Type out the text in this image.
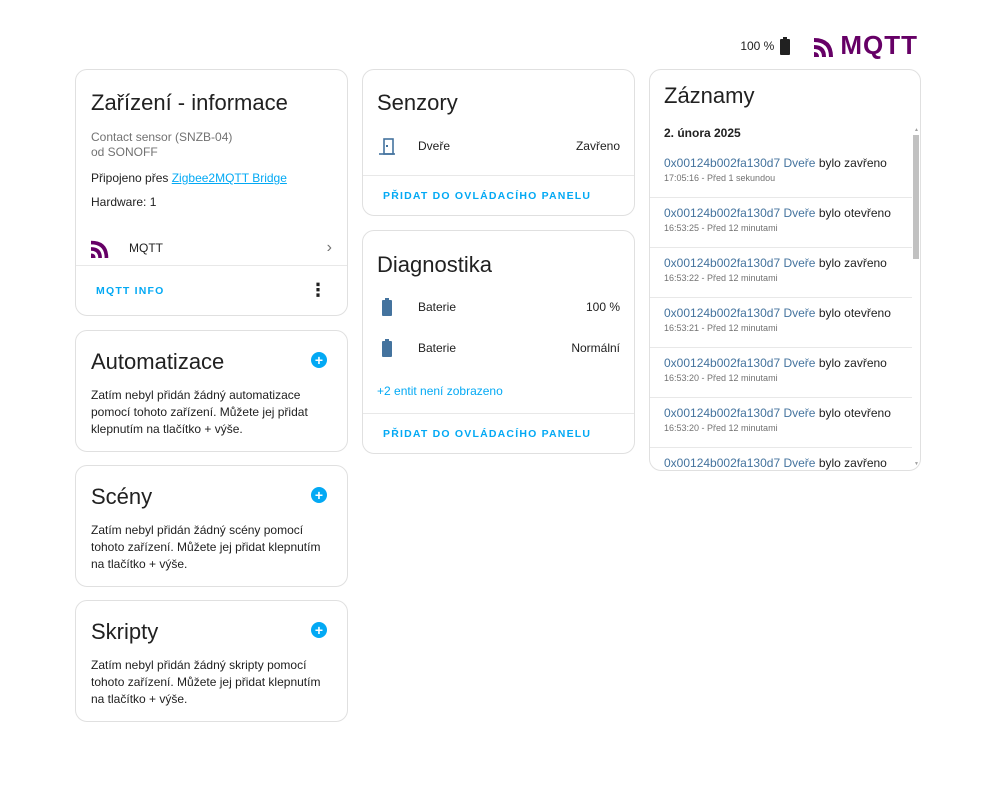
100 %	MQTT
Zařízení - informace
Contact sensor (SNZB-04)
od SONOFF
Připojeno přes Zigbee2MQTT Bridge
Hardware: 1
MQTT	›
MQTT INFO	⋮
Automatizace	+
Zatím nebyl přidán žádný automatizace pomocí tohoto zařízení. Můžete jej přidat klepnutím na tlačítko + výše.
Scény	+
Zatím nebyl přidán žádný scény pomocí tohoto zařízení. Můžete jej přidat klepnutím na tlačítko + výše.
Skripty	+
Zatím nebyl přidán žádný skripty pomocí tohoto zařízení. Můžete jej přidat klepnutím na tlačítko + výše.
Senzory
Dveře	Zavřeno
PŘIDAT DO OVLÁDACÍHO PANELU
Diagnostika
Baterie	100 %
Baterie	Normální
+2 entit není zobrazeno
PŘIDAT DO OVLÁDACÍHO PANELU
Záznamy
2. února 2025
0x00124b002fa130d7 Dveře bylo zavřeno
17:05:16 - Před 1 sekundou
0x00124b002fa130d7 Dveře bylo otevřeno
16:53:25 - Před 12 minutami
0x00124b002fa130d7 Dveře bylo zavřeno
16:53:22 - Před 12 minutami
0x00124b002fa130d7 Dveře bylo otevřeno
16:53:21 - Před 12 minutami
0x00124b002fa130d7 Dveře bylo zavřeno
16:53:20 - Před 12 minutami
0x00124b002fa130d7 Dveře bylo otevřeno
16:53:20 - Před 12 minutami
0x00124b002fa130d7 Dveře bylo zavřeno
▲
▼
